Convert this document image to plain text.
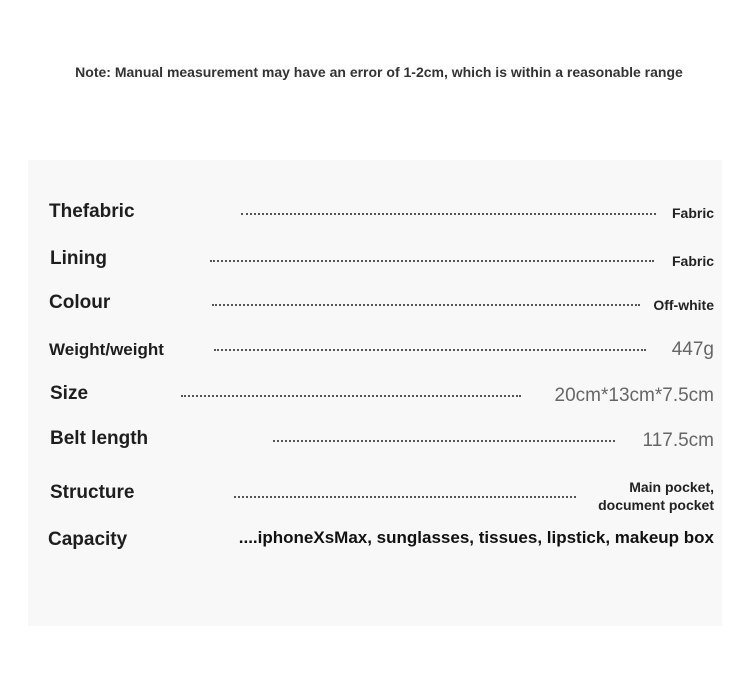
Note: Manual measurement may have an error of 1-2cm, which is within a reasonable range
Thefabric	Fabric
Lining	Fabric
Colour	Off-white
Weight/weight	447g
Size	20cm*13cm*7.5cm
Belt length	117.5cm
Structure	Main pocket,
document pocket
Capacity	....iphoneXsMax, sunglasses, tissues, lipstick, makeup box
